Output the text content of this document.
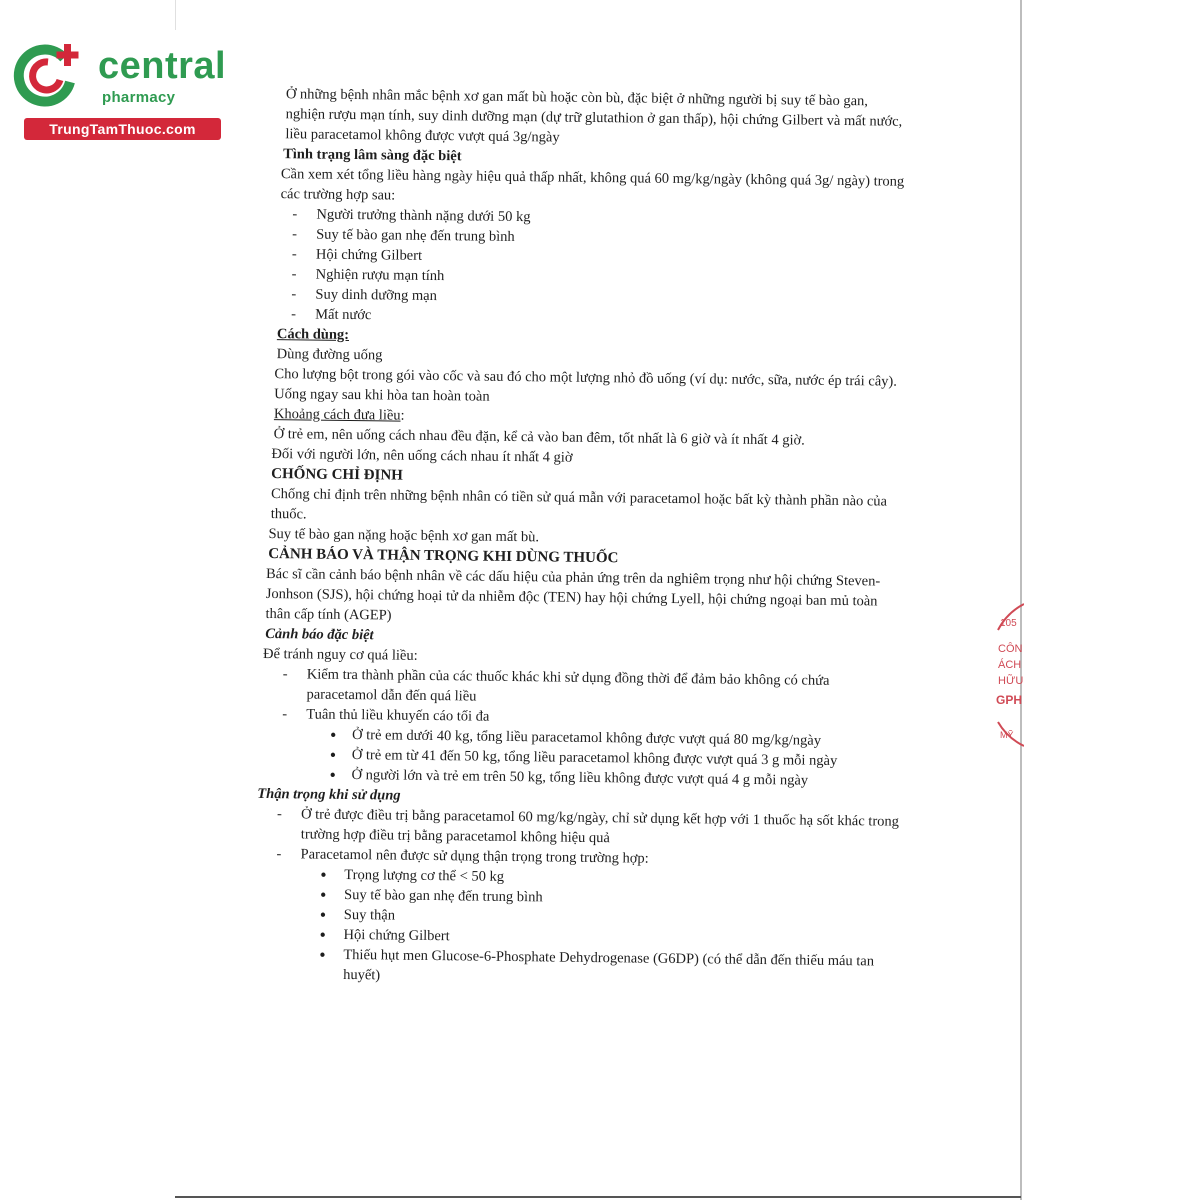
central
pharmacy
TrungTamThuoc.com
105
CÔN
ÁCH
HỮU
GPH
MỸ

Ở những bệnh nhân mắc bệnh xơ gan mất bù hoặc còn bù, đặc biệt ở những người bị suy tế bào gan, nghiện rượu mạn tính, suy dinh dưỡng mạn (dự trữ glutathion ở gan thấp), hội chứng Gilbert và mất nước, liều paracetamol không được vượt quá 3g/ngày

Tình trạng lâm sàng đặc biệt

Cần xem xét tổng liều hàng ngày hiệu quả thấp nhất, không quá 60 mg/kg/ngày (không quá 3g/ ngày) trong các trường hợp sau:

- Người trưởng thành nặng dưới 50 kg
- Suy tế bào gan nhẹ đến trung bình
- Hội chứng Gilbert
- Nghiện rượu mạn tính
- Suy dinh dưỡng mạn
- Mất nước

Cách dùng:

Dùng đường uống

Cho lượng bột trong gói vào cốc và sau đó cho một lượng nhỏ đồ uống (ví dụ: nước, sữa, nước ép trái cây). Uống ngay sau khi hòa tan hoàn toàn

Khoảng cách đưa liều:

Ở trẻ em, nên uống cách nhau đều đặn, kể cả vào ban đêm, tốt nhất là 6 giờ và ít nhất 4 giờ.

Đối với người lớn, nên uống cách nhau ít nhất 4 giờ

CHỐNG CHỈ ĐỊNH

Chống chỉ định trên những bệnh nhân có tiền sử quá mẫn với paracetamol hoặc bất kỳ thành phần nào của thuốc.

Suy tế bào gan nặng hoặc bệnh xơ gan mất bù.

CẢNH BÁO VÀ THẬN TRỌNG KHI DÙNG THUỐC

Bác sĩ cần cảnh báo bệnh nhân về các dấu hiệu của phản ứng trên da nghiêm trọng như hội chứng Steven-Jonhson (SJS), hội chứng hoại tử da nhiễm độc (TEN) hay hội chứng Lyell, hội chứng ngoại ban mủ toàn thân cấp tính (AGEP)

Cảnh báo đặc biệt

Để tránh nguy cơ quá liều:

- Kiểm tra thành phần của các thuốc khác khi sử dụng đồng thời để đảm bảo không có chứa paracetamol dẫn đến quá liều
- Tuân thủ liều khuyến cáo tối đa
• Ở trẻ em dưới 40 kg, tổng liều paracetamol không được vượt quá 80 mg/kg/ngày
• Ở trẻ em từ 41 đến 50 kg, tổng liều paracetamol không được vượt quá 3 g mỗi ngày
• Ở người lớn và trẻ em trên 50 kg, tổng liều không được vượt quá 4 g mỗi ngày

Thận trọng khi sử dụng

- Ở trẻ được điều trị bằng paracetamol 60 mg/kg/ngày, chỉ sử dụng kết hợp với 1 thuốc hạ sốt khác trong trường hợp điều trị bằng paracetamol không hiệu quả
- Paracetamol nên được sử dụng thận trọng trong trường hợp:
• Trọng lượng cơ thể < 50 kg
• Suy tế bào gan nhẹ đến trung bình
• Suy thận
• Hội chứng Gilbert
• Thiếu hụt men Glucose-6-Phosphate Dehydrogenase (G6DP) (có thể dẫn đến thiếu máu tan huyết)
